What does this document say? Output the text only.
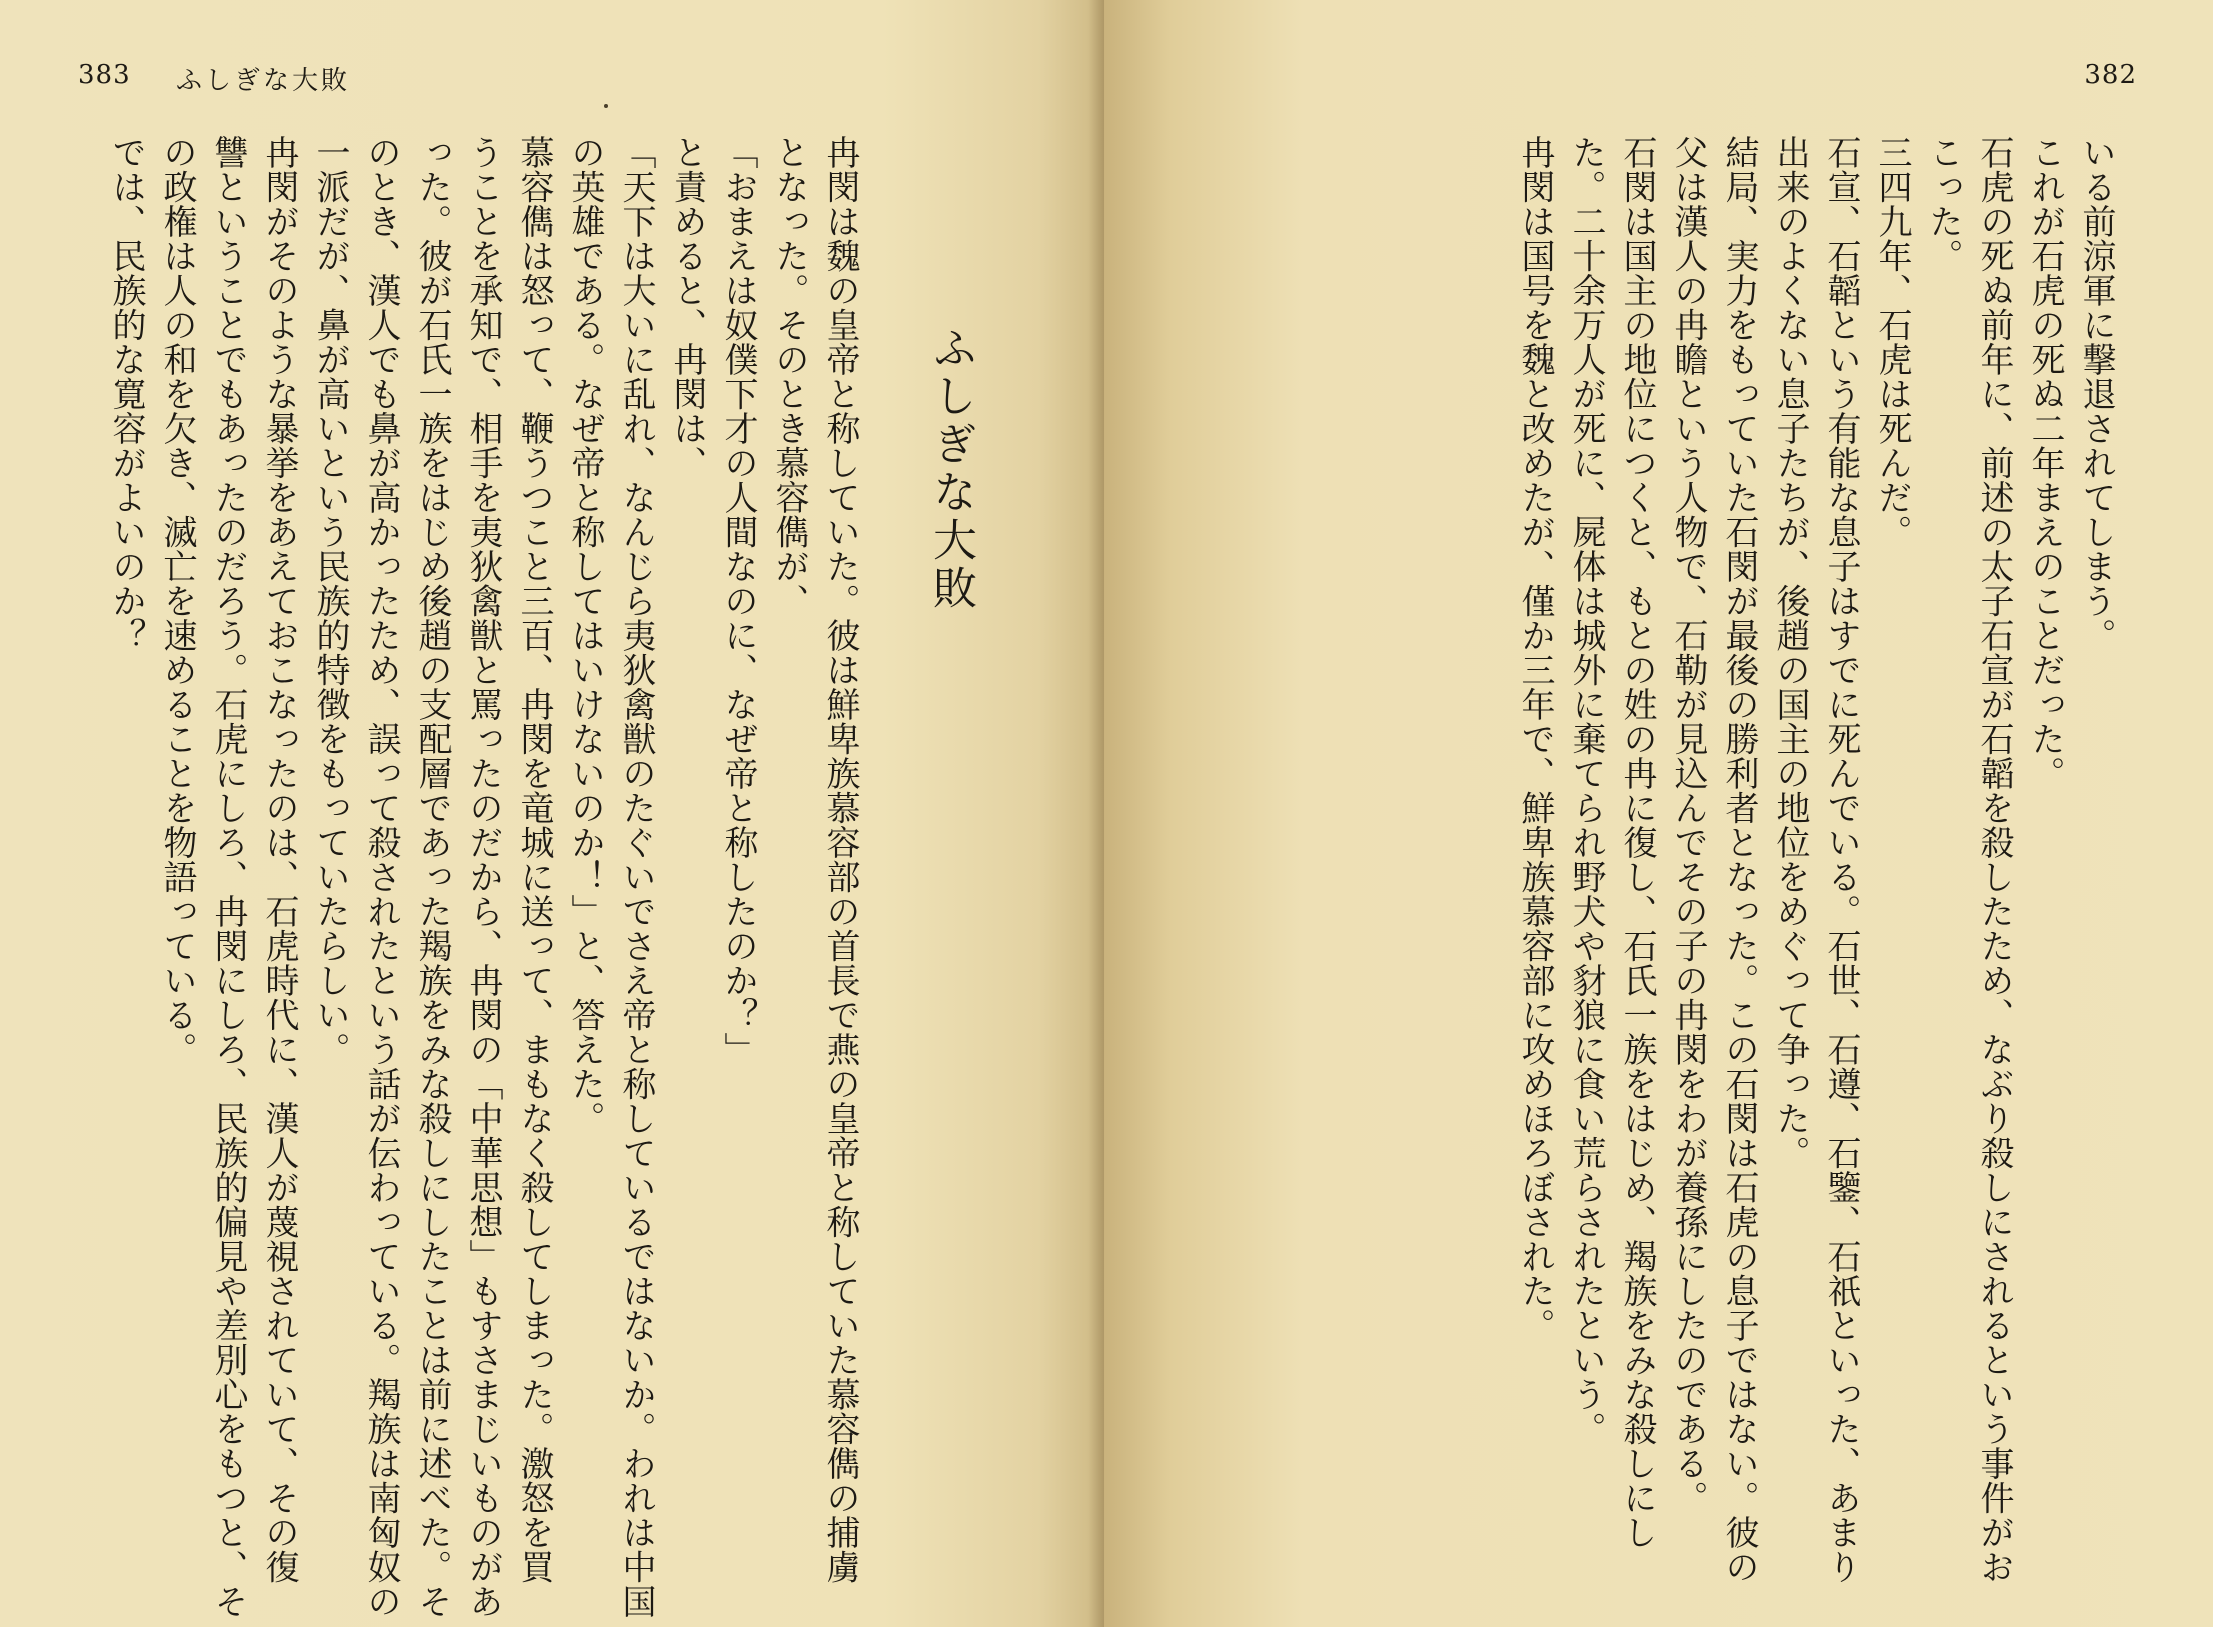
383 ふしぎな大敗
ふしぎな大敗
冉閔は魏の皇帝と称していた。彼は鮮卑族慕容部の首長で燕の皇帝と称していた慕容儁の捕虜
となった。そのとき慕容儁が、
「おまえは奴僕下才の人間なのに、なぜ帝と称したのか？」
と責めると、冉閔は、
「天下は大いに乱れ、なんじら夷狄禽獣のたぐいでさえ帝と称しているではないか。われは中国
の英雄である。なぜ帝と称してはいけないのか！」と、答えた。
慕容儁は怒って、鞭うつこと三百、冉閔を竜城に送って、まもなく殺してしまった。激怒を買
うことを承知で、相手を夷狄禽獣と罵ったのだから、冉閔の「中華思想」もすさまじいものがあ
った。彼が石氏一族をはじめ後趙の支配層であった羯族をみな殺しにしたことは前に述べた。そ
のとき、漢人でも鼻が高かったため、誤って殺されたという話が伝わっている。羯族は南匈奴の
一派だが、鼻が高いという民族的特徴をもっていたらしい。
冉閔がそのような暴挙をあえておこなったのは、石虎時代に、漢人が蔑視されていて、その復
讐ということでもあったのだろう。石虎にしろ、冉閔にしろ、民族的偏見や差別心をもつと、そ
の政権は人の和を欠き、滅亡を速めることを物語っている。
では、民族的な寛容がよいのか？
382
いる前涼軍に撃退されてしまう。
これが石虎の死ぬ二年まえのことだった。
石虎の死ぬ前年に、前述の太子石宣が石韜を殺したため、なぶり殺しにされるという事件がお
こった。
三四九年、石虎は死んだ。
石宣、石韜という有能な息子はすでに死んでいる。石世、石遵、石鑒、石祇といった、あまり
出来のよくない息子たちが、後趙の国主の地位をめぐって争った。
結局、実力をもっていた石閔が最後の勝利者となった。この石閔は石虎の息子ではない。彼の
父は漢人の冉瞻という人物で、石勒が見込んでその子の冉閔をわが養孫にしたのである。
石閔は国主の地位につくと、もとの姓の冉に復し、石氏一族をはじめ、羯族をみな殺しにし
た。二十余万人が死に、屍体は城外に棄てられ野犬や豺狼に食い荒らされたという。
冉閔は国号を魏と改めたが、僅か三年で、鮮卑族慕容部に攻めほろぼされた。
